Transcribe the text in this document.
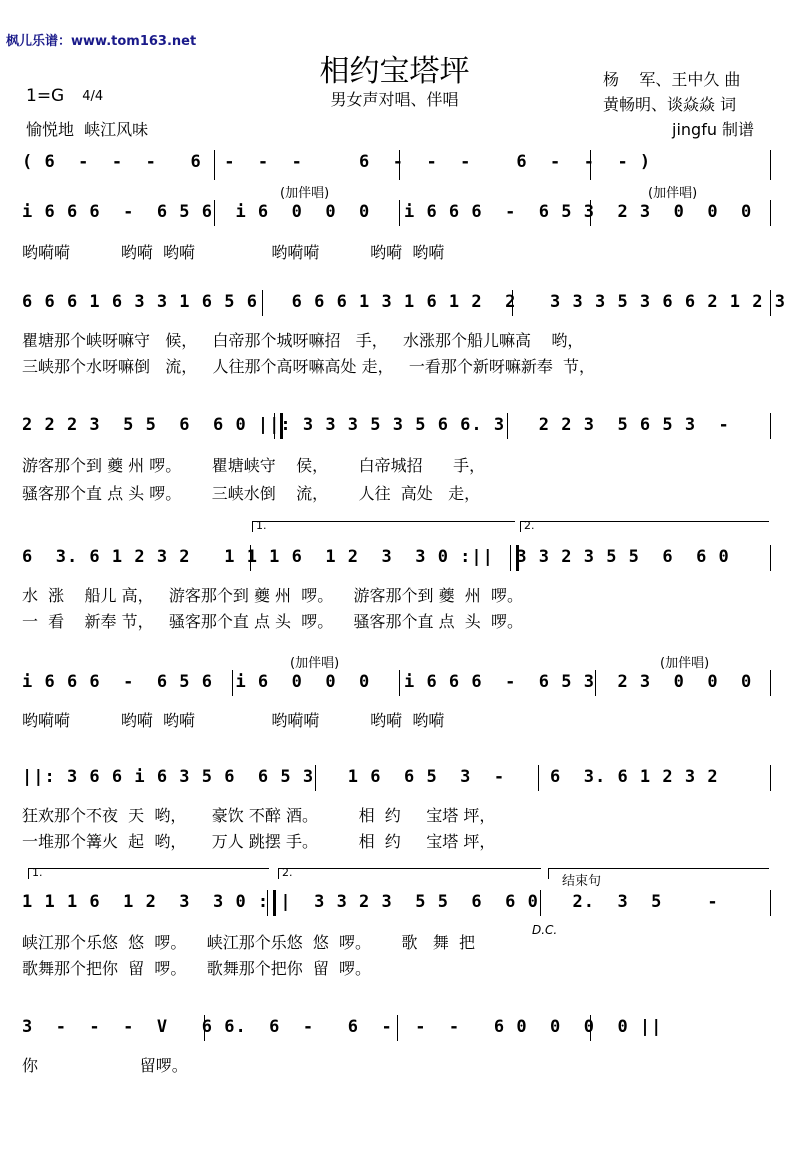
枫儿乐谱：www.tom163.net
相约宝塔坪
男女声对唱、伴唱
1=G	4/4

愉悦地  峡江风味
杨    军、王中久 曲
黄畅明、谈焱焱 词
jingfu 制谱
( 6  -  -  -   6  -  -  -     6  -  -  -    6  -  -  - )
(加伴唱)	(加伴唱)
i 6 6 6  -  6 5 6  i 6  0  0  0   i 6 6 6  -  6 5 3  2 3  0  0  0
哟嗬嗬          哟嗬  哟嗬               哟嗬嗬          哟嗬  哟嗬
6 6 6 1 6 3 3 1 6 5 6   6 6 6 1 3 1 6 1 2  2   3 3 3 5 3 6 6 2 1 2 3
瞿塘那个峡呀嘛守   候，   白帝那个城呀嘛招   手，   水涨那个船儿嘛高    哟，
三峡那个水呀嘛倒   流，   人往那个高呀嘛高处 走，   一看那个新呀嘛新奉  节，
2 2 2 3  5 5  6  6 0 ||: 3 3 3 5 3 5 6 6. 3   2 2 3  5 6 5 3  -
游客那个到 夔 州 啰。      瞿塘峡守    侯，      白帝城招      手，
骚客那个直 点 头 啰。      三峡水倒    流，      人往  高处   走，
1.	2.
6  3. 6 1 2 3 2   1 1 1 6  1 2  3  3 0 :||  3 3 2 3 5 5  6  6 0
水  涨    船儿 高，   游客那个到 夔 州  啰。    游客那个到 夔  州  啰。
一  看    新奉 节，   骚客那个直 点 头  啰。    骚客那个直 点  头  啰。
(加伴唱)	(加伴唱)
i 6 6 6  -  6 5 6  i 6  0  0  0   i 6 6 6  -  6 5 3  2 3  0  0  0
哟嗬嗬          哟嗬  哟嗬               哟嗬嗬          哟嗬  哟嗬
||: 3 6 6 i 6 3 5 6  6 5 3   1 6  6 5  3  -    6  3. 6 1 2 3 2
狂欢那个不夜  天  哟，     豪饮 不醉 酒。        相  约     宝塔 坪，
一堆那个篝火  起  哟，     万人 跳摆 手。        相  约     宝塔 坪，
1.	2.
结束句
1 1 1 6  1 2  3  3 0 :||  3 3 2 3  5 5  6  6 0   2.  3  5    -
D.C.
峡江那个乐悠  悠  啰。    峡江那个乐悠  悠  啰。      歌   舞  把
歌舞那个把你  留  啰。    歌舞那个把你  留  啰。
3  -  -  -  V   6 6.  6  -   6  -  -  -   6 0  0  0  0 ||
你                    留啰。
